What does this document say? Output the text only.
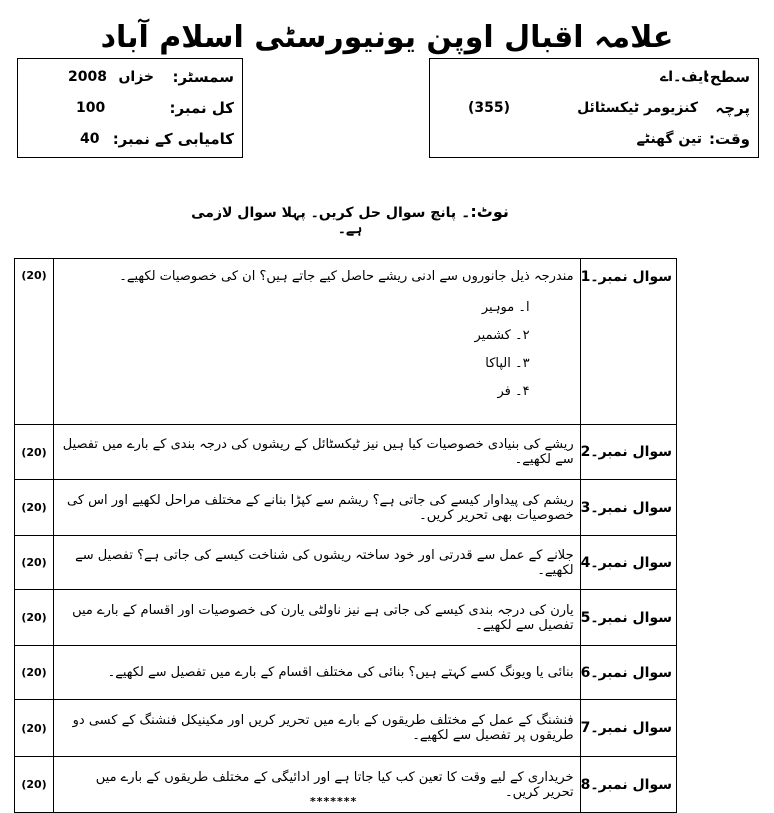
علامہ اقبال اوپن یونیورسٹی اسلام آباد
سمسٹر:
خزاں
2008
کل نمبر:
100
کامیابی کے نمبر:
40
سطح:
ایف۔اے
پرچہ
کنزیومر ٹیکسٹائل
(355)
وقت:
تین گھنٹے
نوٹ:۔ پانچ سوال حل کریں۔ پہلا سوال لازمی ہے۔
(20)	مندرجہ ذیل جانوروں سے ادنی ریشے حاصل کیے جاتے ہیں؟ ان کی خصوصیات لکھیے۔
ا۔ موہیر
۲۔ کشمیر
۳۔ الپاکا
۴۔ فر	سوال نمبر۔1

(20)	ریشے کی بنیادی خصوصیات کیا ہیں نیز ٹیکسٹائل کے ریشوں کی درجہ بندی کے بارے میں تفصیل سے لکھیے۔	سوال نمبر۔2

(20)	ریشم کی پیداوار کیسے کی جاتی ہے؟ ریشم سے کپڑا بنانے کے مختلف مراحل لکھیے اور اس کی خصوصیات بھی تحریر کریں۔	سوال نمبر۔3

(20)	جلانے کے عمل سے قدرتی اور خود ساختہ ریشوں کی شناخت کیسے کی جاتی ہے؟ تفصیل سے لکھیے۔	سوال نمبر۔4

(20)	یارن کی درجہ بندی کیسے کی جاتی ہے نیز ناولٹی یارن کی خصوصیات اور اقسام کے بارے میں تفصیل سے لکھیے۔	سوال نمبر۔5

(20)	بنائی یا ویونگ کسے کہتے ہیں؟ بنائی کی مختلف اقسام کے بارے میں تفصیل سے لکھیے۔	سوال نمبر۔6

(20)	فنشنگ کے عمل کے مختلف طریقوں کے بارے میں تحریر کریں اور مکینیکل فنشنگ کے کسی دو طریقوں پر تفصیل سے لکھیے۔	سوال نمبر۔7

(20)	خریداری کے لیے وقت کا تعین کب کیا جاتا ہے اور ادائیگی کے مختلف طریقوں کے بارے میں تحریر کریں۔	سوال نمبر۔8
*******
